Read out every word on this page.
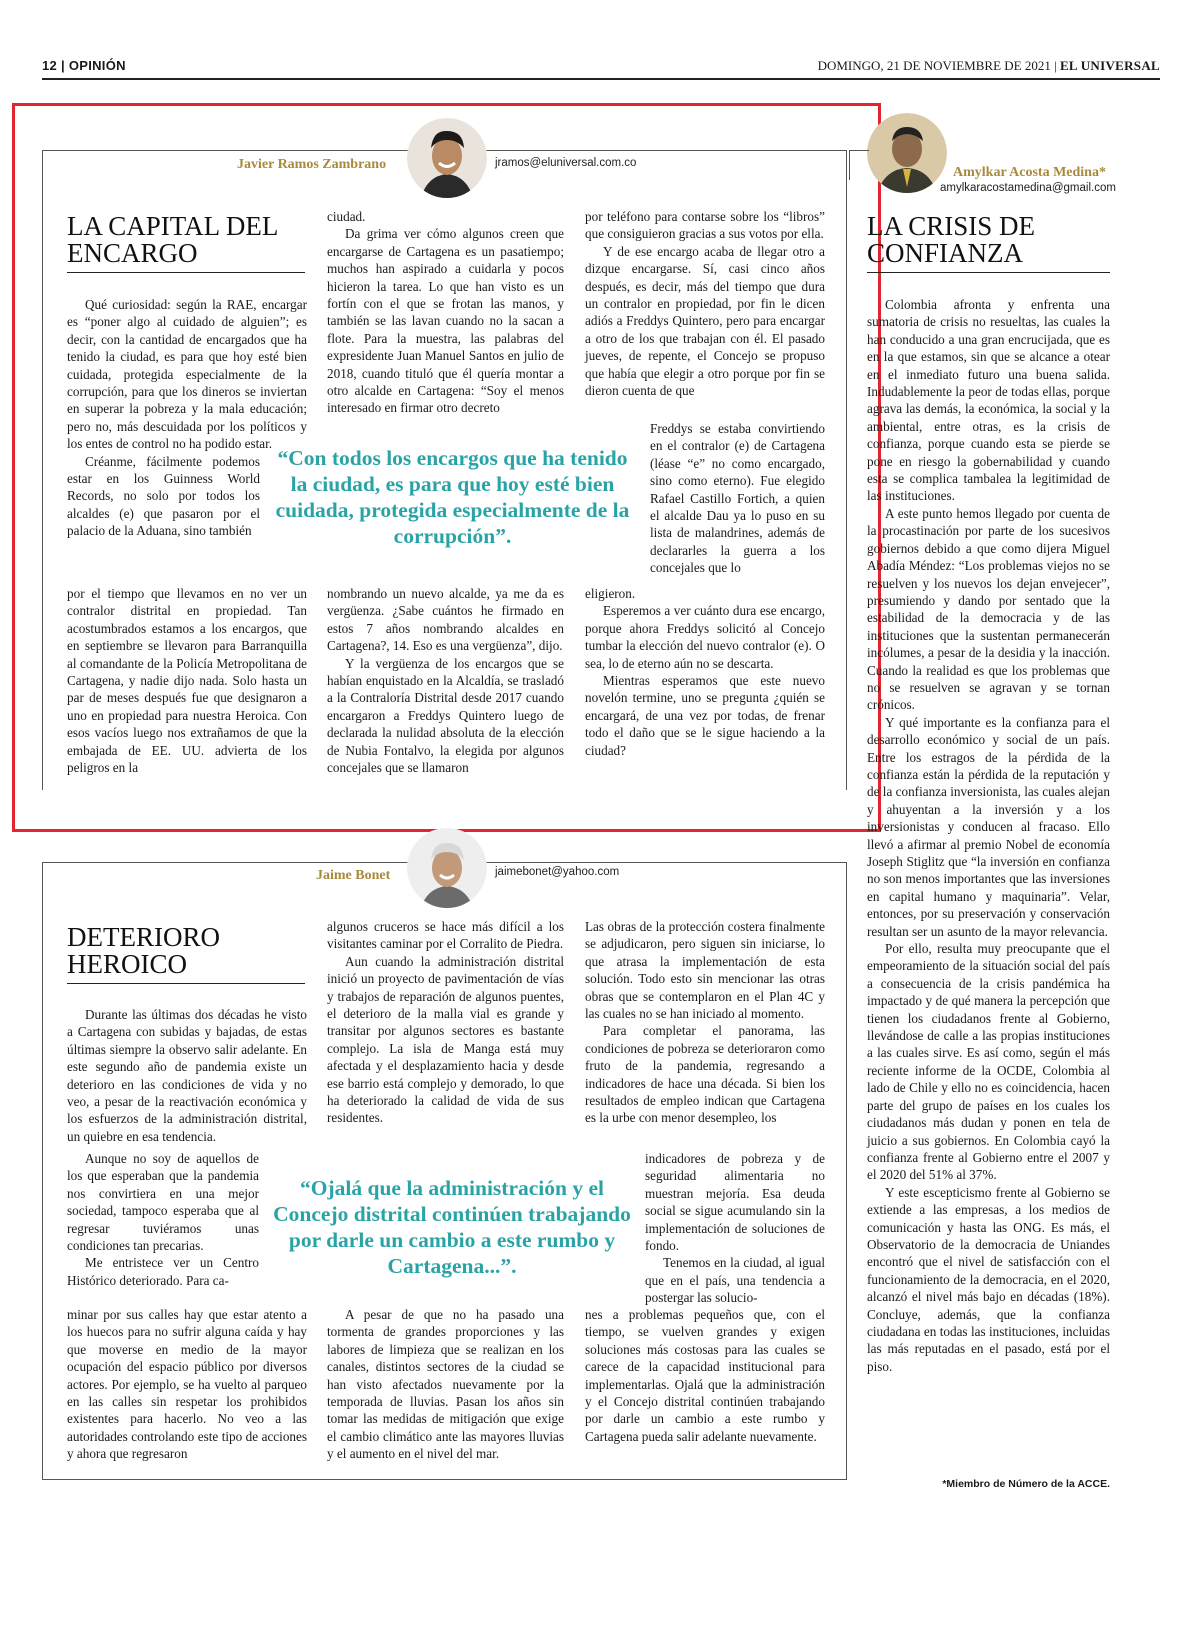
12 | OPINIÓN	DOMINGO, 21 DE NOVIEMBRE DE 2021 | EL UNIVERSAL
Javier Ramos Zambrano	jramos@eluniversal.com.co
LA CAPITAL DEL
ENCARGO

Qué curiosidad: según la RAE, encargar es “poner algo al cuidado de alguien”; es decir, con la cantidad de encargados que ha tenido la ciudad, es para que hoy esté bien cuidada, protegida especialmente de la corrupción, para que los dineros se inviertan en superar la pobreza y la mala educación; pero no, más descuidada por los políticos y los entes de control no ha podido estar.

Créanme, fácilmente podemos estar en los Guinness World Records, no solo por todos los alcaldes (e) que pasaron por el palacio de la Aduana, sino también

por el tiempo que llevamos en no ver un contralor distrital en propiedad. Tan acostumbrados estamos a los encargos, que en septiembre se llevaron para Barranquilla al comandante de la Policía Metropolitana de Cartagena, y nadie dijo nada. Solo hasta un par de meses después fue que designaron a uno en propiedad para nuestra Heroica. Con esos vacíos luego nos extrañamos de que la embajada de EE. UU. advierta de los peligros en la

ciudad.

Da grima ver cómo algunos creen que encargarse de Cartagena es un pasatiempo; muchos han aspirado a cuidarla y pocos hicieron la tarea. Lo que han visto es un fortín con el que se frotan las manos, y también se las lavan cuando no la sacan a flote. Para la muestra, las palabras del expresidente Juan Manuel Santos en julio de 2018, cuando tituló que él quería montar a otro alcalde en Cartagena: “Soy el menos interesado en firmar otro decreto

nombrando un nuevo alcalde, ya me da es vergüenza. ¿Sabe cuántos he firmado en estos 7 años nombrando alcaldes en Cartagena?, 14. Eso es una vergüenza”, dijo.

Y la vergüenza de los encargos que se habían enquistado en la Alcaldía, se trasladó a la Contraloría Distrital desde 2017 cuando encargaron a Freddys Quintero luego de declarada la nulidad absoluta de la elección de Nubia Fontalvo, la elegida por algunos concejales que se llamaron

por teléfono para contarse sobre los “libros” que consiguieron gracias a sus votos por ella.

Y de ese encargo acaba de llegar otro a dizque encargarse. Sí, casi cinco años después, es decir, más del tiempo que dura un contralor en propiedad, por fin le dicen adiós a Freddys Quintero, pero para encargar a otro de los que trabajan con él. El pasado jueves, de repente, el Concejo se propuso que había que elegir a otro porque por fin se dieron cuenta de que

Freddys se estaba convirtiendo en el contralor (e) de Cartagena (léase “e” no como encargado, sino como eterno). Fue elegido Rafael Castillo Fortich, a quien el alcalde Dau ya lo puso en su lista de malandrines, además de declararles la guerra a los concejales que lo

eligieron.

Esperemos a ver cuánto dura ese encargo, porque ahora Freddys solicitó al Concejo tumbar la elección del nuevo contralor (e). O sea, lo de eterno aún no se descarta.

Mientras esperamos que este nuevo novelón termine, uno se pregunta ¿quién se encargará, de una vez por todas, de frenar todo el daño que se le sigue haciendo a la ciudad?

“Con todos los encargos que ha tenido la ciudad, es para que hoy esté bien cuidada, protegida especialmente de la corrupción”.
Jaime Bonet	jaimebonet@yahoo.com
DETERIORO
HEROICO

Durante las últimas dos décadas he visto a Cartagena con subidas y bajadas, de estas últimas siempre la observo salir adelante. En este segundo año de pandemia existe un deterioro en las condiciones de vida y no veo, a pesar de la reactivación económica y los esfuerzos de la administración distrital, un quiebre en esa tendencia.

Aunque no soy de aquellos de los que esperaban que la pandemia nos convirtiera en una mejor sociedad, tampoco esperaba que al regresar tuviéramos unas condiciones tan precarias.

Me entristece ver un Centro Histórico deteriorado. Para ca-

minar por sus calles hay que estar atento a los huecos para no sufrir alguna caída y hay que moverse en medio de la mayor ocupación del espacio público por diversos actores. Por ejemplo, se ha vuelto al parqueo en las calles sin respetar los prohibidos existentes para hacerlo. No veo a las autoridades controlando este tipo de acciones y ahora que regresaron

algunos cruceros se hace más difícil a los visitantes caminar por el Corralito de Piedra.

Aun cuando la administración distrital inició un proyecto de pavimentación de vías y trabajos de reparación de algunos puentes, el deterioro de la malla vial es grande y transitar por algunos sectores es bastante complejo. La isla de Manga está muy afectada y el desplazamiento hacia y desde ese barrio está complejo y demorado, lo que ha deteriorado la calidad de vida de sus residentes.

A pesar de que no ha pasado una tormenta de grandes proporciones y las labores de limpieza que se realizan en los canales, distintos sectores de la ciudad se han visto afectados nuevamente por la temporada de lluvias. Pasan los años sin tomar las medidas de mitigación que exige el cambio climático ante las mayores lluvias y el aumento en el nivel del mar.

Las obras de la protección costera finalmente se adjudicaron, pero siguen sin iniciarse, lo que atrasa la implementación de esta solución. Todo esto sin mencionar las otras obras que se contemplaron en el Plan 4C y las cuales no se han iniciado al momento.

Para completar el panorama, las condiciones de pobreza se deterioraron como fruto de la pandemia, regresando a indicadores de hace una década. Si bien los resultados de empleo indican que Cartagena es la urbe con menor desempleo, los

indicadores de pobreza y de seguridad alimentaria no muestran mejoría. Esa deuda social se sigue acumulando sin la implementación de soluciones de fondo.

Tenemos en la ciudad, al igual que en el país, una tendencia a postergar las solucio-

nes a problemas pequeños que, con el tiempo, se vuelven grandes y exigen soluciones más costosas para las cuales se carece de la capacidad institucional para implementarlas. Ojalá que la administración y el Concejo distrital continúen trabajando por darle un cambio a este rumbo y Cartagena pueda salir adelante nuevamente.

“Ojalá que la administración y el Concejo distrital continúen trabajando por darle un cambio a este rumbo y Cartagena...”.
Amylkar Acosta Medina*
amylkaracostamedina@gmail.com
LA CRISIS DE
CONFIANZA

Colombia afronta y enfrenta una sumatoria de crisis no resueltas, las cuales la han conducido a una gran encrucijada, que es en la que estamos, sin que se alcance a otear en el inmediato futuro una buena salida. Indudablemente la peor de todas ellas, porque agrava las demás, la económica, la social y la ambiental, entre otras, es la crisis de confianza, porque cuando esta se pierde se pone en riesgo la gobernabilidad y cuando esta se complica tambalea la legitimidad de las instituciones.

A este punto hemos llegado por cuenta de la procastinación por parte de los sucesivos gobiernos debido a que como dijera Miguel Abadía Méndez: “Los problemas viejos no se resuelven y los nuevos los dejan envejecer”, presumiendo y dando por sentado que la estabilidad de la democracia y de las instituciones que la sustentan permanecerán incólumes, a pesar de la desidia y la inacción. Cuando la realidad es que los problemas que no se resuelven se agravan y se tornan crónicos.

Y qué importante es la confianza para el desarrollo económico y social de un país. Entre los estragos de la pérdida de la confianza están la pérdida de la reputación y de la confianza inversionista, las cuales alejan y ahuyentan a la inversión y a los inversionistas y conducen al fracaso. Ello llevó a afirmar al premio Nobel de economía Joseph Stiglitz que “la inversión en confianza no son menos importantes que las inversiones en capital humano y maquinaria”. Velar, entonces, por su preservación y conservación resultan ser un asunto de la mayor relevancia.

Por ello, resulta muy preocupante que el empeoramiento de la situación social del país a consecuencia de la crisis pandémica ha impactado y de qué manera la percepción que tienen los ciudadanos frente al Gobierno, llevándose de calle a las propias instituciones a las cuales sirve. Es así como, según el más reciente informe de la OCDE, Colombia al lado de Chile y ello no es coincidencia, hacen parte del grupo de países en los cuales los ciudadanos más dudan y ponen en tela de juicio a sus gobiernos. En Colombia cayó la confianza frente al Gobierno entre el 2007 y el 2020 del 51% al 37%.

Y este escepticismo frente al Gobierno se extiende a las empresas, a los medios de comunicación y hasta las ONG. Es más, el Observatorio de la democracia de Uniandes encontró que el nivel de satisfacción con el funcionamiento de la democracia, en el 2020, alcanzó el nivel más bajo en décadas (18%). Concluye, además, que la confianza ciudadana en todas las instituciones, incluidas las más reputadas en el pasado, está por el piso.

*Miembro de Número de la ACCE.
